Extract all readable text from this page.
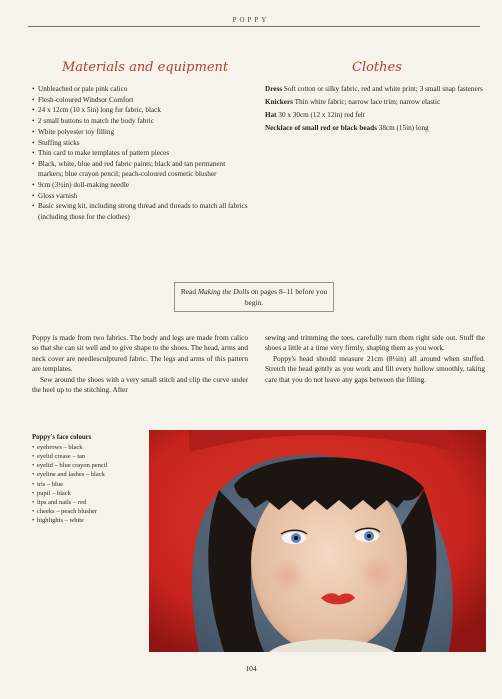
POPPY
Materials and equipment	Clothes
• Unbleached or pale pink calico
• Flesh-coloured Windsor Comfort
• 24 x 12cm (10 x 5in) long fur fabric, black
• 2 small buttons to match the body fabric
• White polyester toy filling
• Stuffing sticks
• Thin card to make templates of pattern pieces
• Black, white, blue and red fabric paints; black and tan permanent markers; blue crayon pencil; peach-coloured cosmetic blusher
• 9cm (3½in) doll-making needle
• Gloss varnish
• Basic sewing kit, including strong thread and threads to match all fabrics (including those for the clothes)
Dress Soft cotton or silky fabric, red and white print; 3 small snap fasteners
Knickers Thin white fabric; narrow lace trim; narrow elastic
Hat 30 x 30cm (12 x 12in) red felt
Necklace of small red or black beads 38cm (15in) long
Read Making the Dolls on pages 8–11 before you begin.

Poppy is made from two fabrics. The body and legs are made from calico so that she can sit well and to give shape to the shoes. The head, arms and neck cover are needlesculptured fabric. The legs and arms of this pattern are templates.

Sew around the shoes with a very small stitch and clip the curve under the heel up to the stitching. After

sewing and trimming the toes, carefully turn them right side out. Stuff the shoes a little at a time very firmly, shaping them as you work.

Poppy's head should measure 21cm (8¼in) all around when stuffed. Stretch the head gently as you work and fill every hollow smoothly, taking care that you do not leave any gaps between the filling.

Poppy's face colours
• eyebrows – black
• eyelid crease – tan
• eyelid – blue crayon pencil
• eyeline and lashes – black
• iris – blue
• pupil – black
• lips and nails – red
• cheeks – peach blusher
• highlights – white
104
